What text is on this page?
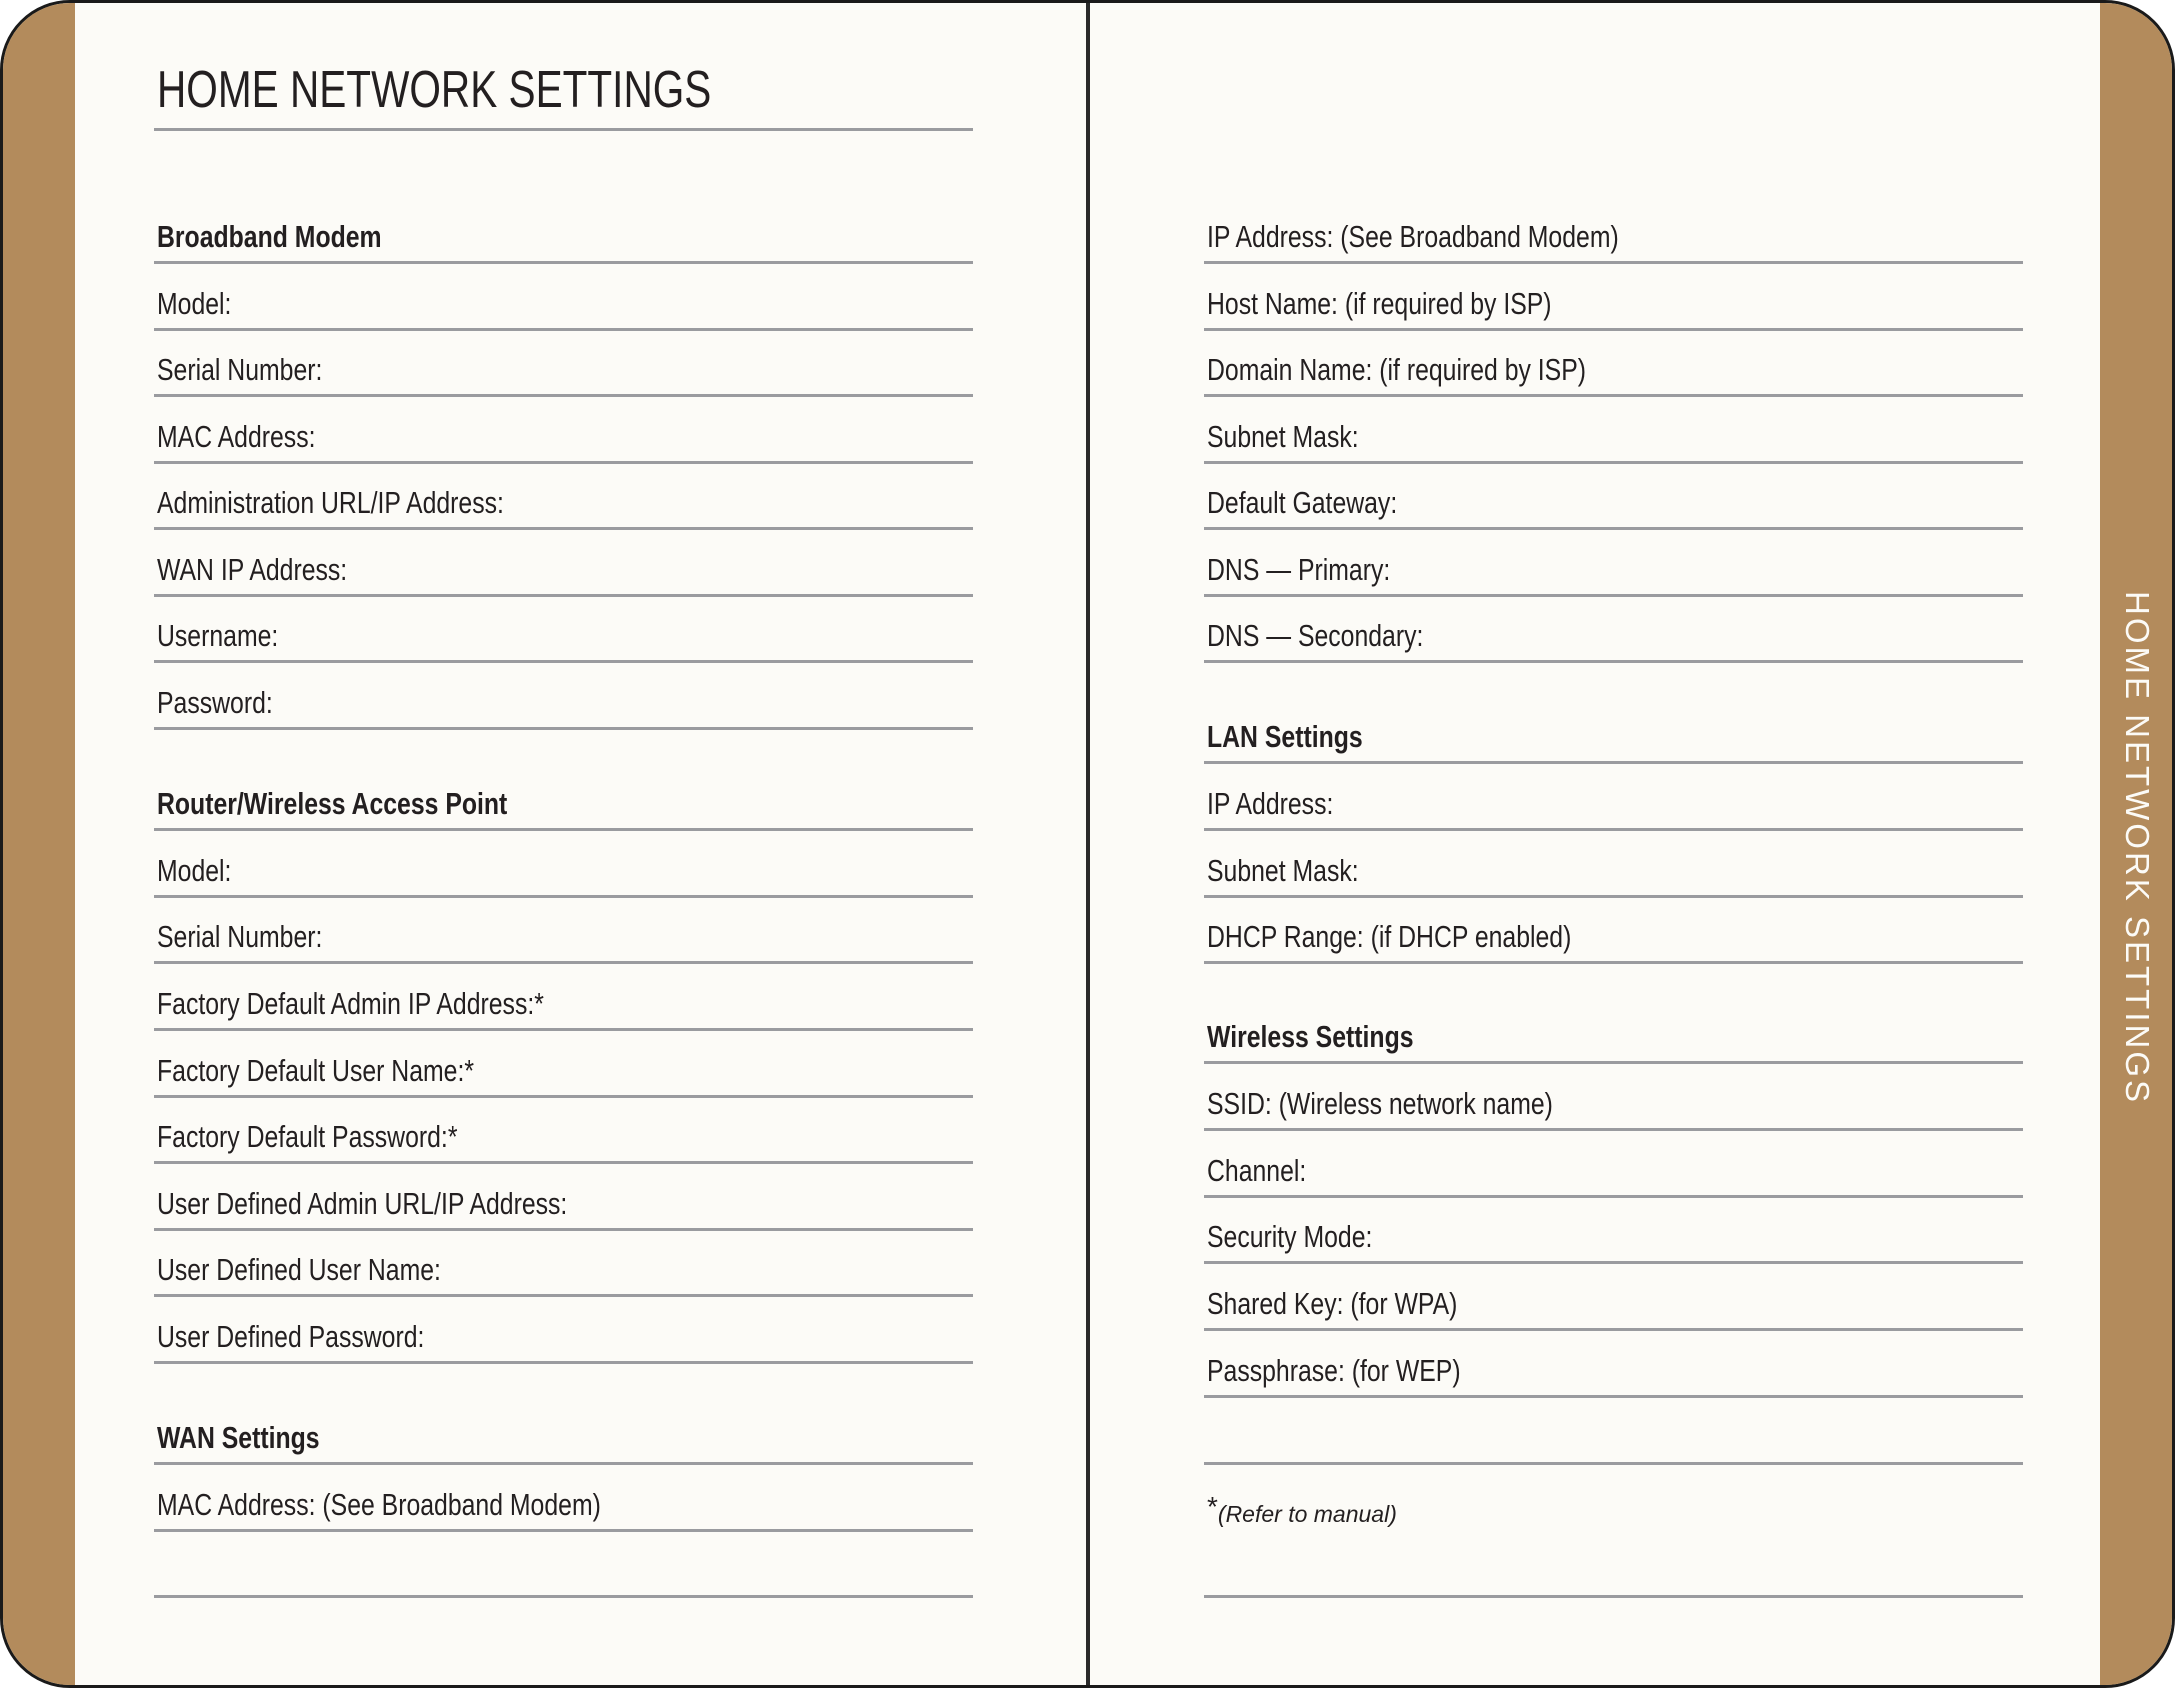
HOME NETWORK SETTINGS
HOME NETWORK SETTINGS
Broadband Modem
Model:
Serial Number:
MAC Address:
Administration URL/IP Address:
WAN IP Address:
Username:
Password:
Router/Wireless Access Point
Model:
Serial Number:
Factory Default Admin IP Address:*
Factory Default User Name:*
Factory Default Password:*
User Defined Admin URL/IP Address:
User Defined User Name:
User Defined Password:
WAN Settings
MAC Address: (See Broadband Modem)
IP Address: (See Broadband Modem)
Host Name: (if required by ISP)
Domain Name: (if required by ISP)
Subnet Mask:
Default Gateway:
DNS — Primary:
DNS — Secondary:
LAN Settings
IP Address:
Subnet Mask:
DHCP Range: (if DHCP enabled)
Wireless Settings
SSID: (Wireless network name)
Channel:
Security Mode:
Shared Key: (for WPA)
Passphrase: (for WEP)
*(Refer to manual)
